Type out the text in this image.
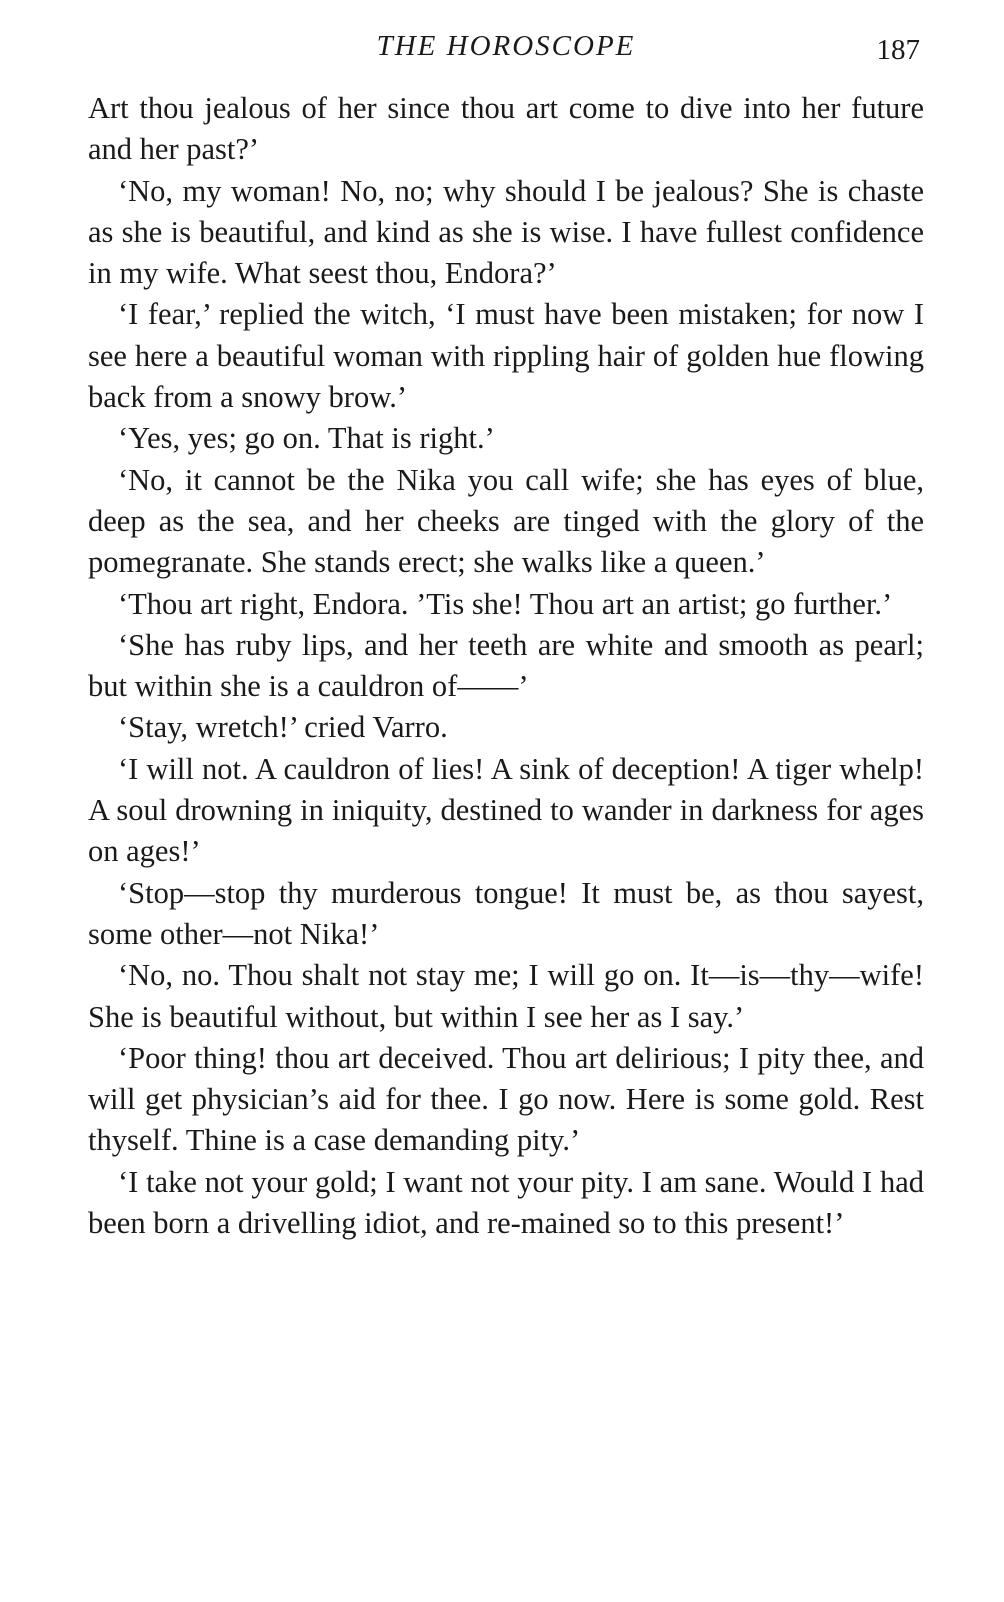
THE HOROSCOPE	187

Art thou jealous of her since thou art come to dive into her future and her past?’

‘No, my woman! No, no; why should I be jealous? She is chaste as she is beautiful, and kind as she is wise. I have fullest confidence in my wife. What seest thou, Endora?’

‘I fear,’ replied the witch, ‘I must have been mistaken; for now I see here a beautiful woman with rippling hair of golden hue flowing back from a snowy brow.’

‘Yes, yes; go on. That is right.’

‘No, it cannot be the Nika you call wife; she has eyes of blue, deep as the sea, and her cheeks are tinged with the glory of the pomegranate. She stands erect; she walks like a queen.’

‘Thou art right, Endora. ’Tis she! Thou art an artist; go further.’

‘She has ruby lips, and her teeth are white and smooth as pearl; but within she is a cauldron of——’

‘Stay, wretch!’ cried Varro.

‘I will not. A cauldron of lies! A sink of deception! A tiger whelp! A soul drowning in iniquity, destined to wander in darkness for ages on ages!’

‘Stop—stop thy murderous tongue! It must be, as thou sayest, some other—not Nika!’

‘No, no. Thou shalt not stay me; I will go on. It—is—thy—wife! She is beautiful without, but within I see her as I say.’

‘Poor thing! thou art deceived. Thou art delirious; I pity thee, and will get physician’s aid for thee. I go now. Here is some gold. Rest thyself. Thine is a case demanding pity.’

‘I take not your gold; I want not your pity. I am sane. Would I had been born a drivelling idiot, and re-mained so to this present!’
